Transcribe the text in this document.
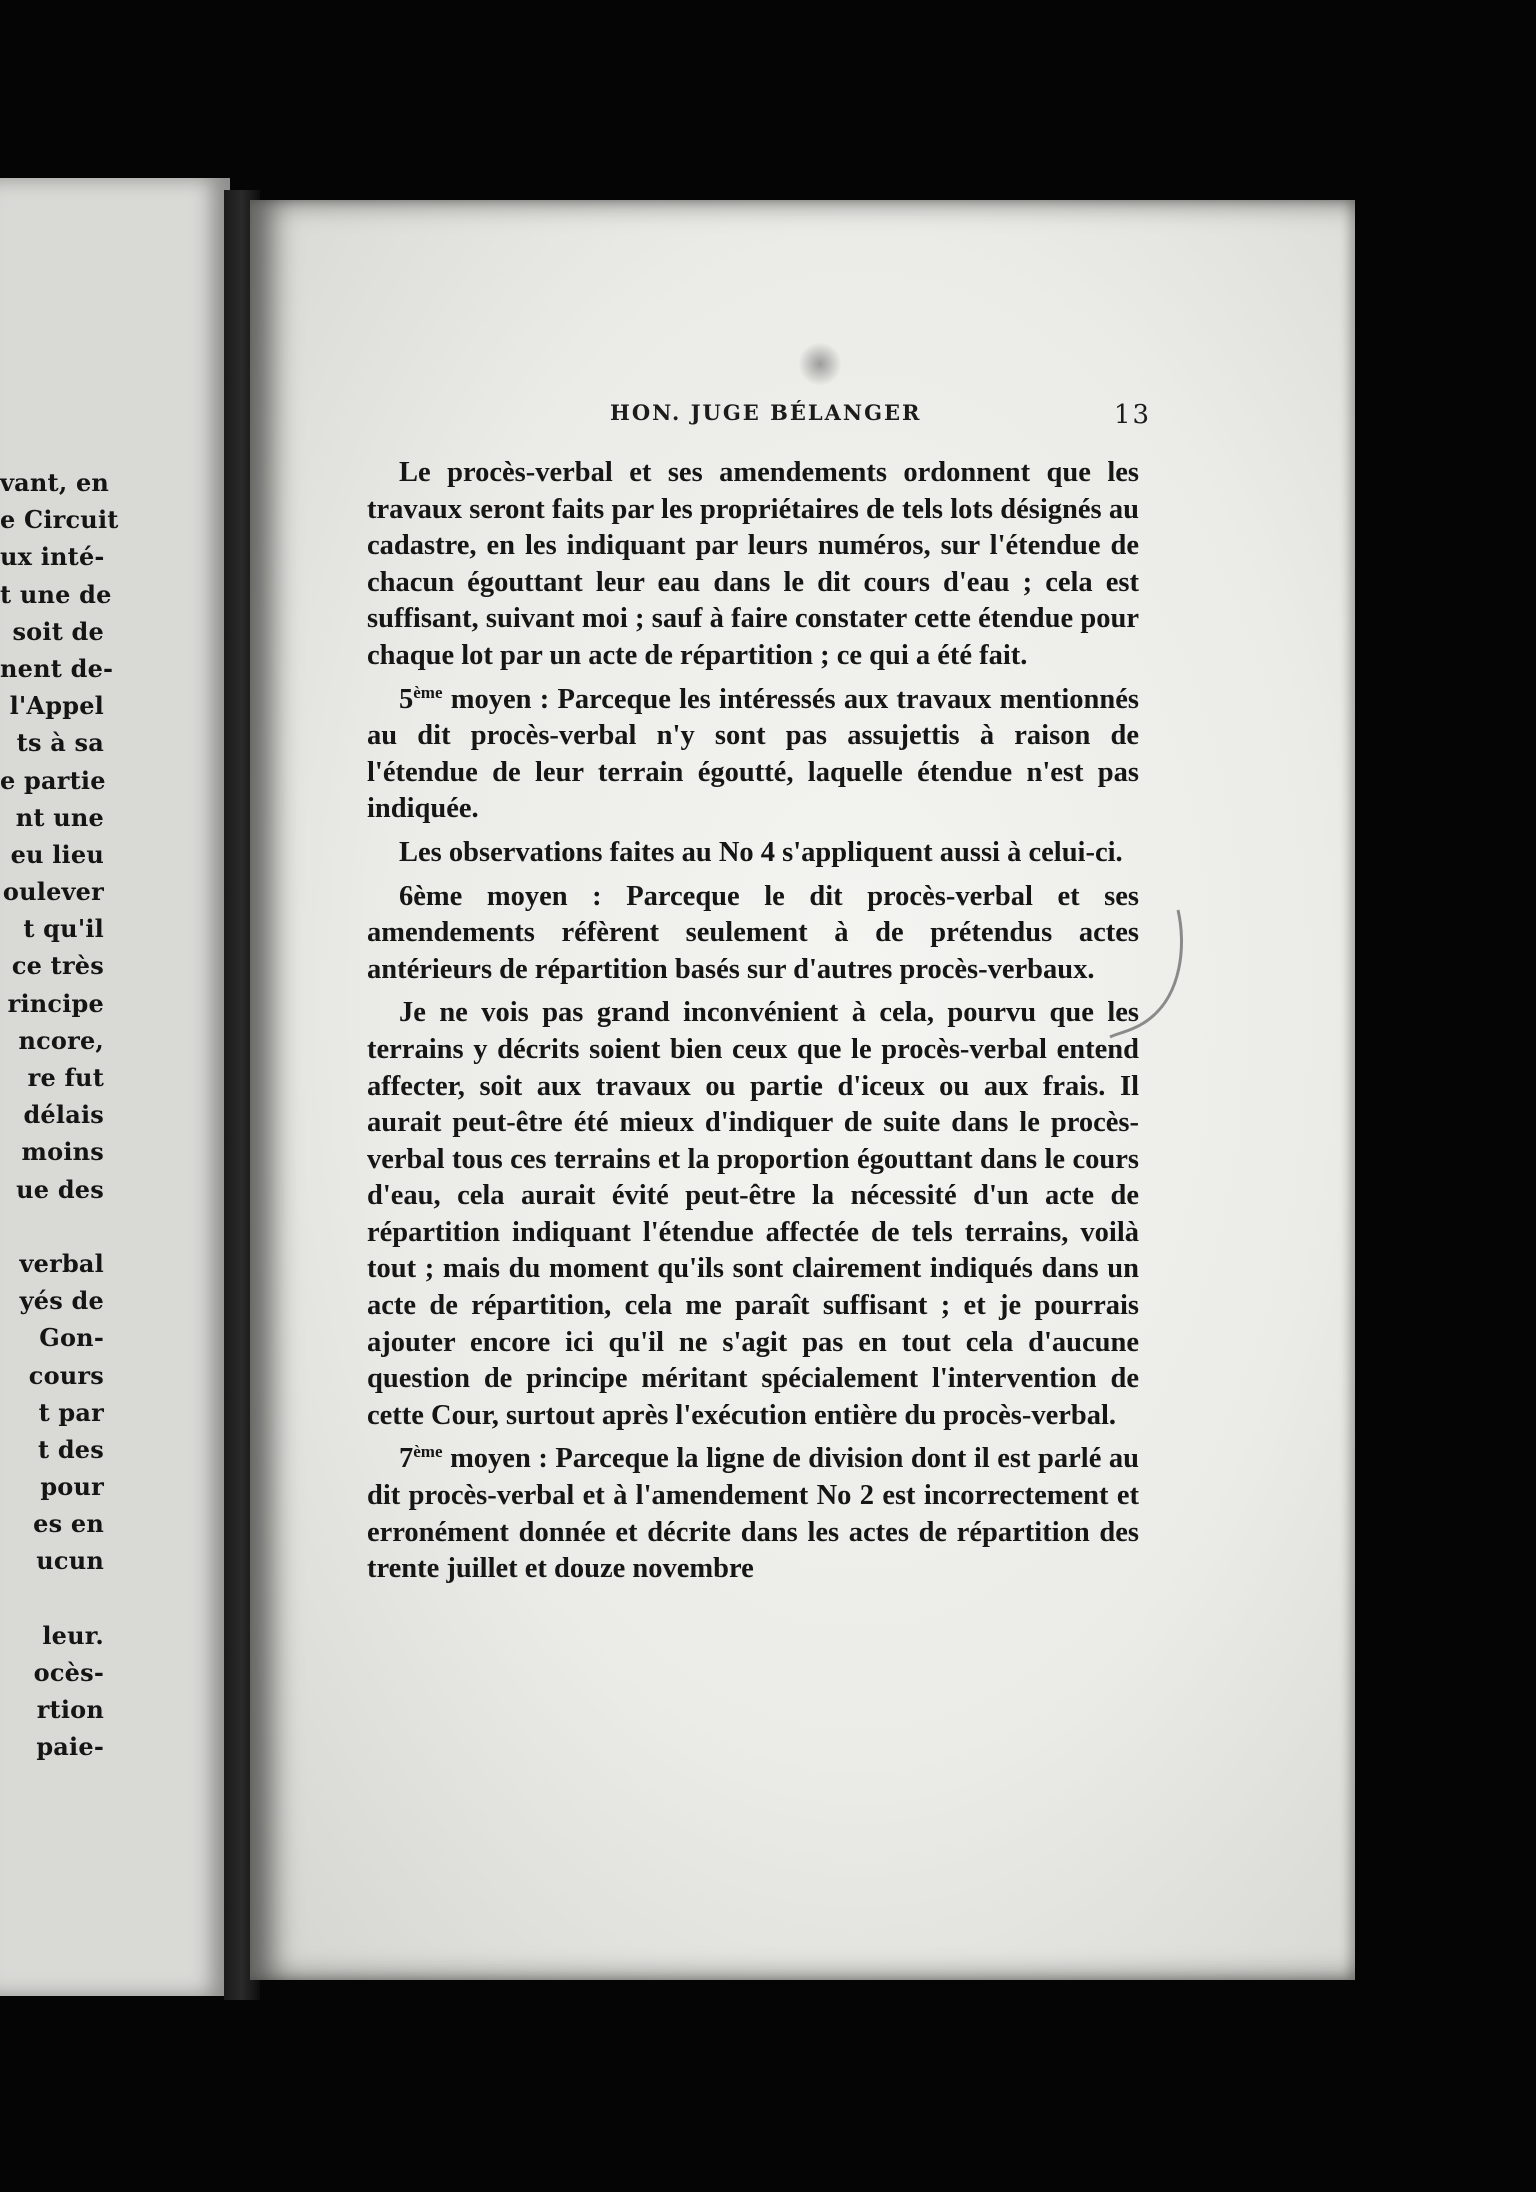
vant, en
e Circuit
ux inté-
t une de
soit de
nent de-
l'Appel
ts à sa
e partie
nt une
eu lieu
oulever
t qu'il
ce très
rincipe
ncore,
re fut
délais
moins
ue des
verbal
yés de
Gon-
cours
t par
t des
pour
es en
ucun
leur.
ocès-
rtion
paie-
HON. JUGE BÉLANGER	13

Le procès-verbal et ses amendements ordonnent que les travaux seront faits par les propriétaires de tels lots désignés au cadastre, en les indiquant par leurs numéros, sur l'étendue de chacun égouttant leur eau dans le dit cours d'eau ; cela est suffisant, suivant moi ; sauf à faire constater cette étendue pour chaque lot par un acte de répartition ; ce qui a été fait.

5ème moyen : Parceque les intéressés aux travaux mentionnés au dit procès-verbal n'y sont pas assujettis à raison de l'étendue de leur terrain égoutté, laquelle étendue n'est pas indiquée.

Les observations faites au No 4 s'appliquent aussi à celui-ci.

6ème moyen : Parceque le dit procès-verbal et ses amendements réfèrent seulement à de prétendus actes antérieurs de répartition basés sur d'autres procès-verbaux.

Je ne vois pas grand inconvénient à cela, pourvu que les terrains y décrits soient bien ceux que le procès-verbal entend affecter, soit aux travaux ou partie d'iceux ou aux frais. Il aurait peut-être été mieux d'indiquer de suite dans le procès-verbal tous ces terrains et la proportion égouttant dans le cours d'eau, cela aurait évité peut-être la nécessité d'un acte de répartition indiquant l'étendue affectée de tels terrains, voilà tout ; mais du moment qu'ils sont clairement indiqués dans un acte de répartition, cela me paraît suffisant ; et je pourrais ajouter encore ici qu'il ne s'agit pas en tout cela d'aucune question de principe méritant spécialement l'intervention de cette Cour, surtout après l'exécution entière du procès-verbal.

7ème moyen : Parceque la ligne de division dont il est parlé au dit procès-verbal et à l'amendement No 2 est incorrectement et erronément donnée et décrite dans les actes de répartition des trente juillet et douze novembre
